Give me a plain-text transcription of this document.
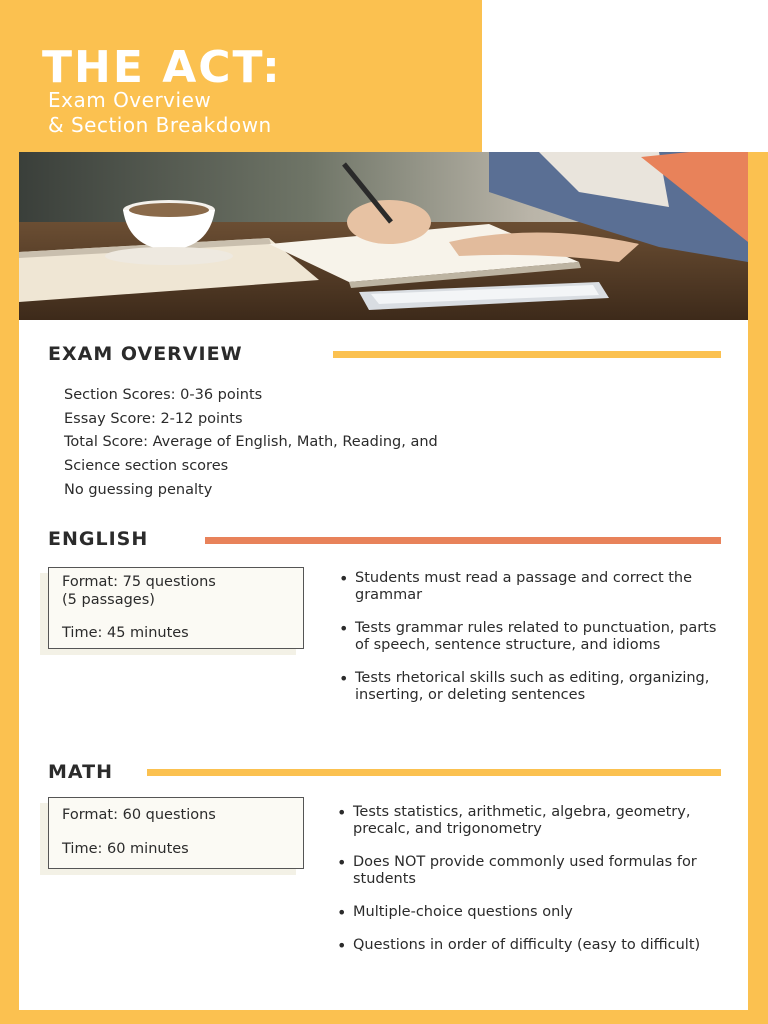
THE ACT:
Exam Overview
& Section Breakdown
EXAM OVERVIEW
Section Scores: 0-36 points
Essay Score: 2-12 points
Total Score: Average of English, Math, Reading, and
Science section scores
No guessing penalty
ENGLISH
Format: 75 questions
(5 passages)
Time: 45 minutes
• Students must read a passage and correct the grammar
• Tests grammar rules related to punctuation, parts of speech, sentence structure, and idioms
• Tests rhetorical skills such as editing, organizing, inserting, or deleting sentences
MATH
Format: 60 questions
Time: 60 minutes
• Tests statistics, arithmetic, algebra, geometry, precalc, and trigonometry
• Does NOT provide commonly used formulas for students
• Multiple-choice questions only
• Questions in order of difficulty (easy to difficult)
